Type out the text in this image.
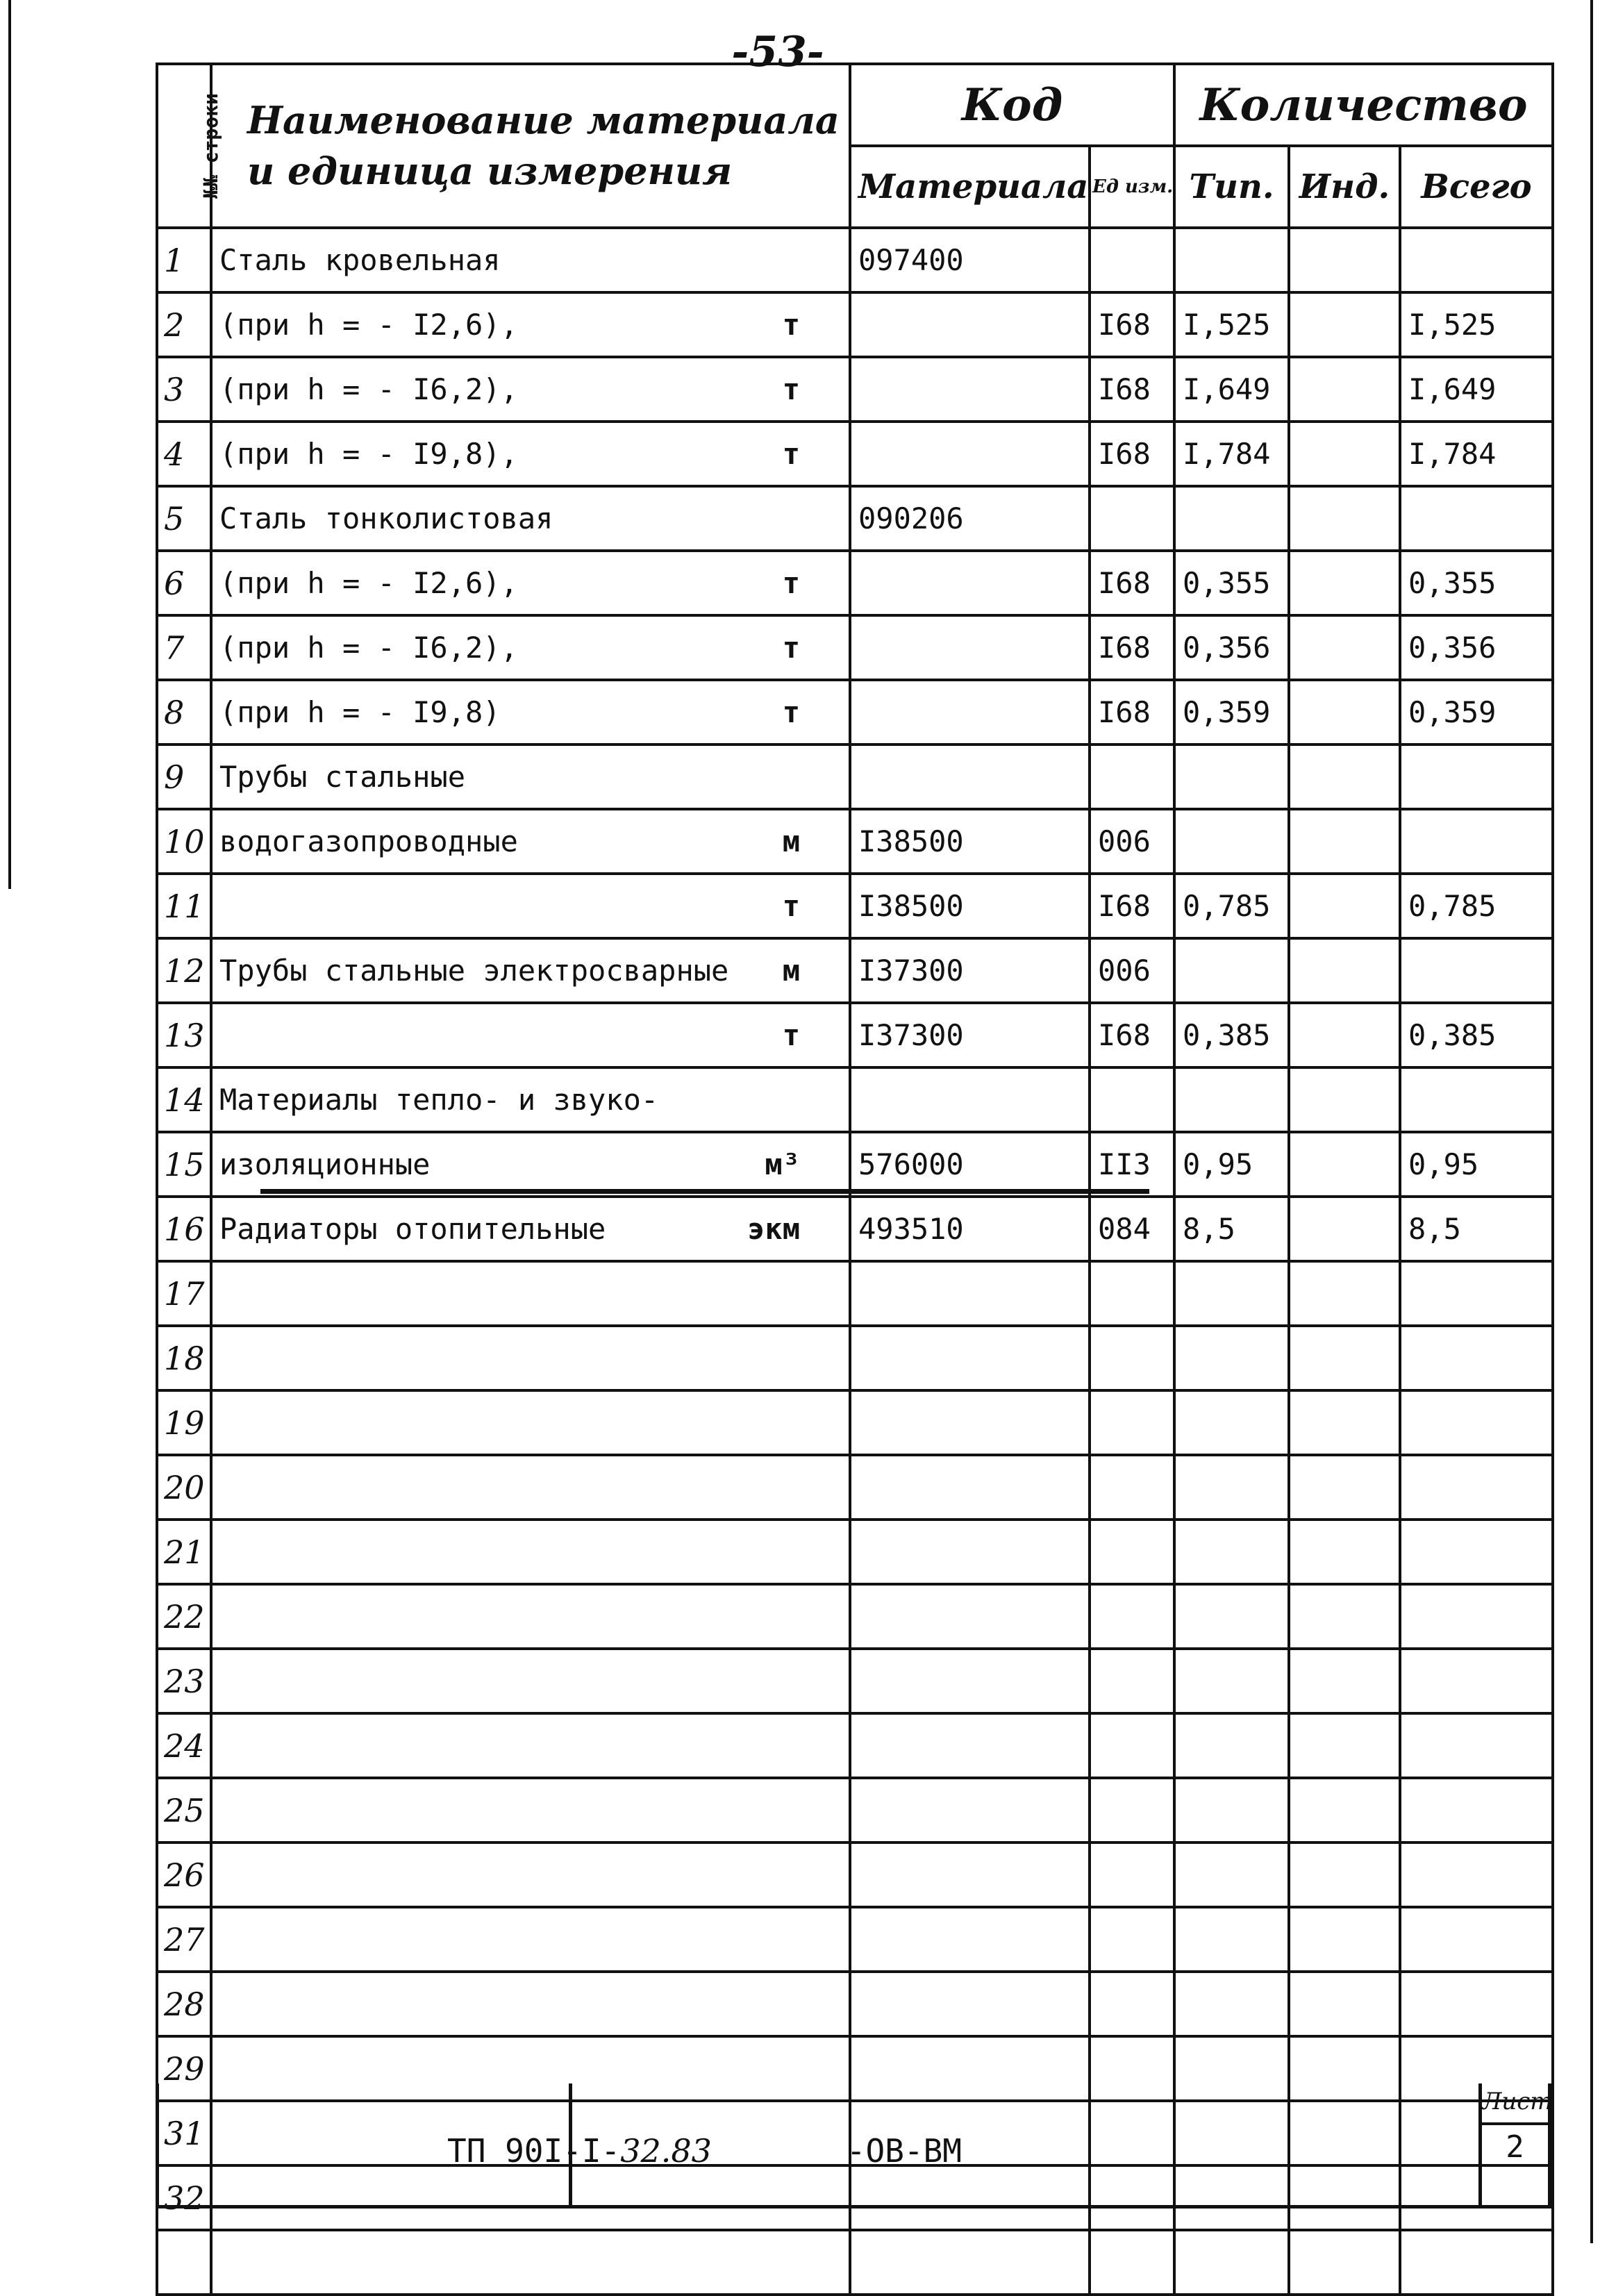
-53-
№№ строки	Наименование материала
и единица измерения	Код		Количество		
		Материала	Ед изм.	Тип.	Инд.	Всего
1	Сталь кровельная	097400				
2	(при h = - I2,6), т		I68	I,525		I,525
3	(при h = - I6,2), т		I68	I,649		I,649
4	(при h = - I9,8), т		I68	I,784		I,784
5	Сталь тонколистовая	090206				
6	(при h = - I2,6), т		I68	0,355		0,355
7	(при h = - I6,2), т		I68	0,356		0,356
8	(при h = - I9,8) т		I68	0,359		0,359
9	Трубы стальные

10	водогазопроводные м	I38500	006			
11	т	I38500	I68	0,785		0,785
12	Трубы стальные электросварные м	I37300	006			
13	т	I37300	I68	0,385		0,385
14	Материалы тепло- и звуко-

15	изоляционные м³	576000	II3	0,95		0,95
16	Радиаторы отопительные экм	493510	084	8,5		8,5
17	

18	

19	

20	

21	

22	

23	

24	

25	

26	

27	

28	

29	

31	

32	

ТП 90I-I-32.83	-ОВ-ВМ
Лист
2
